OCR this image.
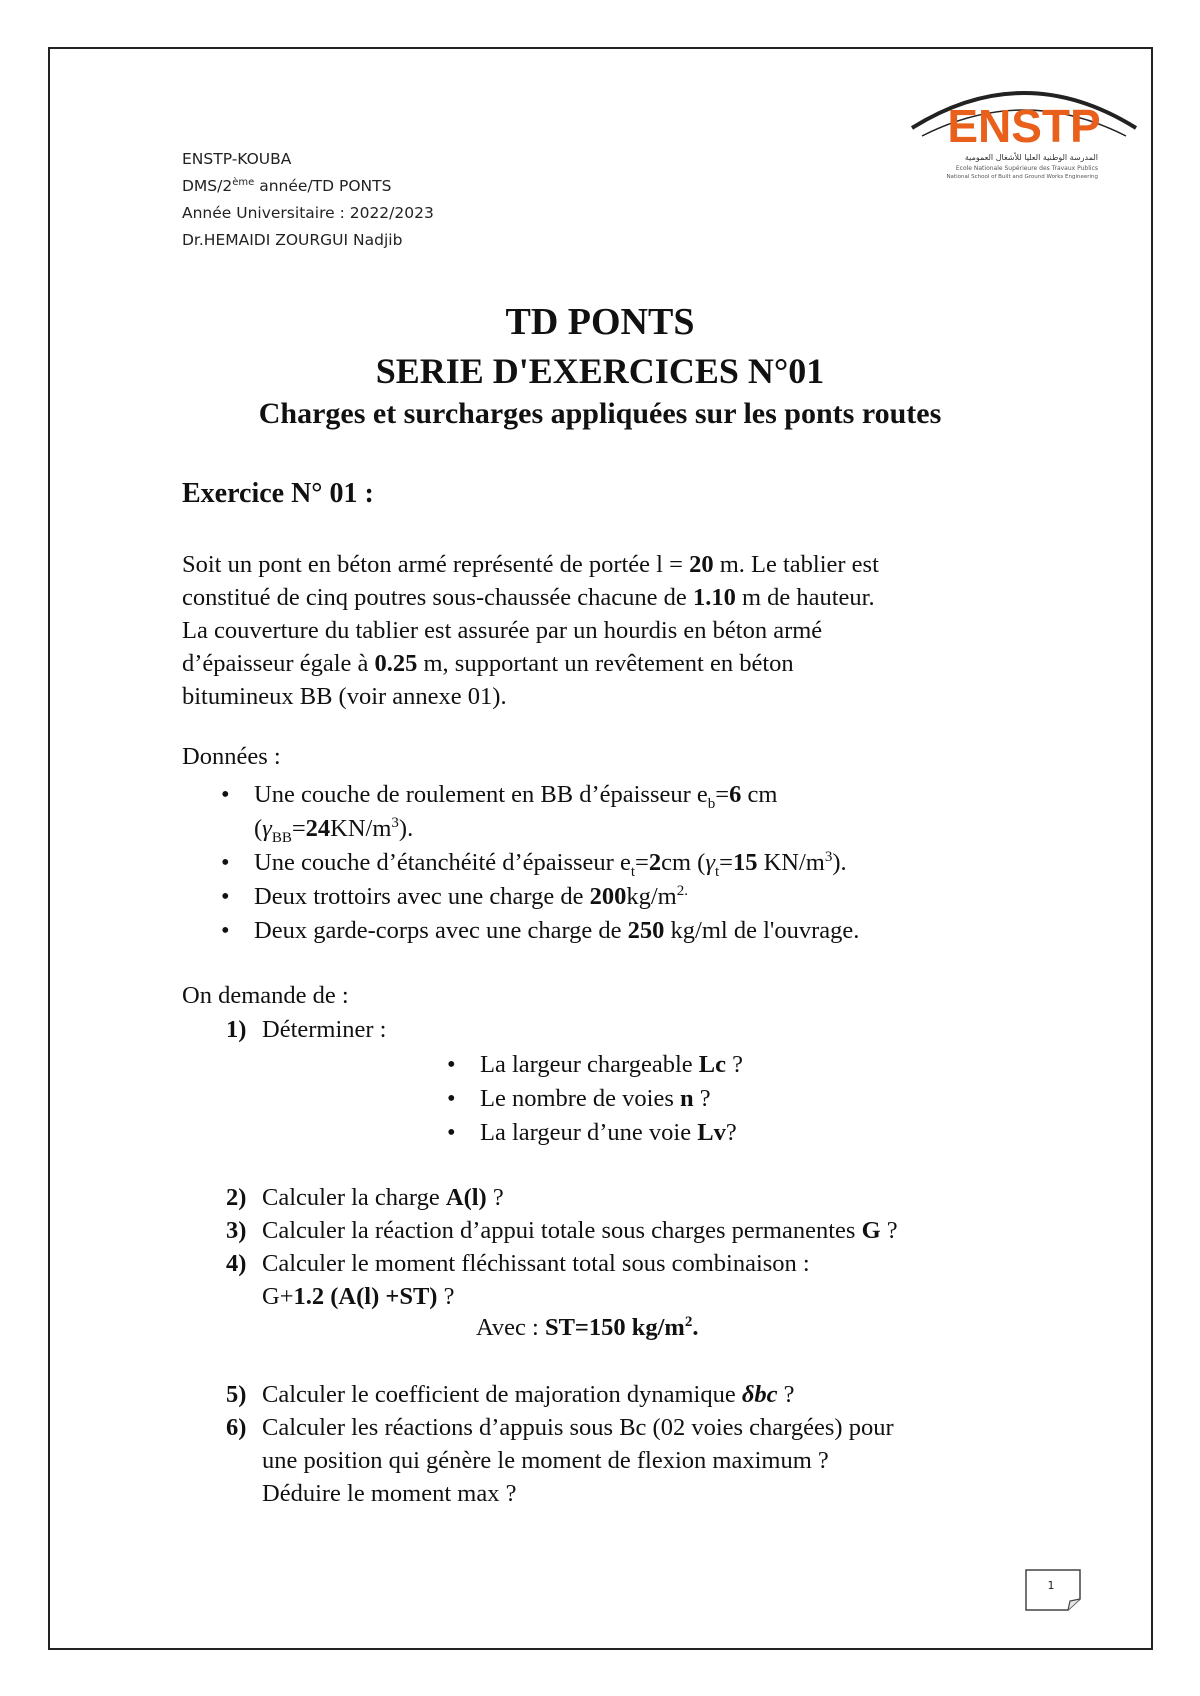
ENSTP-KOUBA
DMS/2ème année/TD PONTS
Année Universitaire : 2022/2023
Dr.HEMAIDI ZOURGUI Nadjib
ENSTP
المدرسة الوطنية العليا للأشغال العمومية
Ecole Nationale Supérieure des Travaux Publics
National School of Built and Ground Works Engineering
TD PONTS
SERIE D'EXERCICES N°01
Charges et surcharges appliquées sur les ponts routes
Exercice N° 01 :

Soit un pont en béton armé représenté de portée l = 20 m. Le tablier est

constitué de cinq poutres sous-chaussée chacune de 1.10 m de hauteur.

La couverture du tablier est assurée par un hourdis en béton armé

d’épaisseur égale à 0.25 m, supportant un revêtement en béton

bitumineux BB (voir annexe 01).

Données :
• Une couche de roulement en BB d’épaisseur $e_b=6$ cm
$(\gamma_{BB}=24KN/m^3)$.
• Une couche d’étanchéité d’épaisseur $e_t=2cm$ ($\gamma_t=15$ $KN/m^3$).
• Deux trottoirs avec une charge de $200kg/m^{2.}$
• Deux garde-corps avec une charge de 250 kg/ml de l'ouvrage.
On demande de :
1) Déterminer :
• La largeur chargeable Lc ?
• Le nombre de voies n ?
• La largeur d’une voie Lv?
2) Calculer la charge A(l) ?
3) Calculer la réaction d’appui totale sous charges permanentes G ?
4) Calculer le moment fléchissant total sous combinaison :
G+1.2 (A(l) +ST) ?
Avec : ST=150 $kg/m^2$.
5) Calculer le coefficient de majoration dynamique δbc ?
6) Calculer les réactions d’appuis sous Bc (02 voies chargées) pour
une position qui génère le moment de flexion maximum ?
Déduire le moment max ?
1
